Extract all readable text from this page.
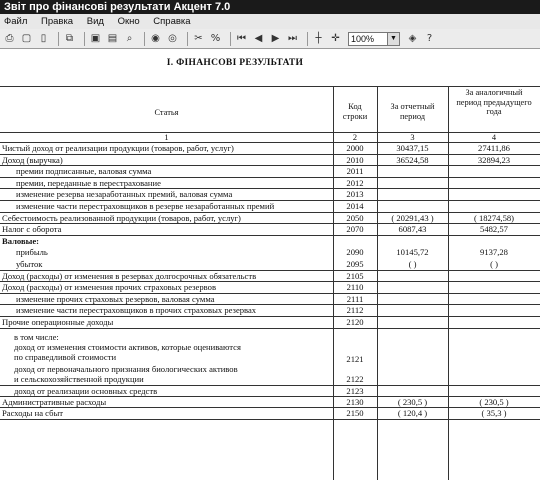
Звіт про фінансові результати Акцент 7.0
Файл Правка Вид Окно Справка
⎙ ▢ ▯	⧉ ▣ ▤ ⌕	◉ ◎ ✂ % ⏮ ◀ ▶ ⏭	┼ ✛	100%	▼	◈	?
I. ФІНАНСОВІ РЕЗУЛЬТАТИ
Статья
Код строки
За отчетный период
За аналогичный период предыдущего года
1	2	3	4
Чистый доход от реализации продукции (товаров, работ, услуг)	2000	30437,15	27411,86
Доход (выручка)	2010	36524,58	32894,23
премии подписанные, валовая сумма	2011
премии, переданные в перестрахование	2012
изменение резерва незаработанных премий, валовая сумма	2013
изменение части перестраховщиков в резерве незаработанных премий	2014
Себестоимость реализованной продукции (товаров, работ, услуг)	2050	( 20291,43 )	( 18274,58)
Налог с оборота	2070	6087,43	5482,57
Валовые:
прибыль	2090	10145,72	9137,28
убыток	2095	( )	( )
Доход (расходы) от изменения в резервах долгосрочных обязательств	2105
Доход (расходы) от изменения прочих страховых резервов	2110
изменение прочих страховых резервов, валовая сумма	2111
изменение части перестраховщиков в прочих страховых резервах	2112
Прочие операционные доходы	2120
в том числе:
доход от изменения стоимости активов, которые оцениваются
по справедливой стоимости	2121
доход от первоначального признания биологических активов
и сельскохозяйственной продукции	2122
доход от реализации основных средств	2123
Административные расходы	2130	( 230,5 )	( 230,5 )
Расходы на сбыт	2150	( 120,4 )	( 35,3 )
